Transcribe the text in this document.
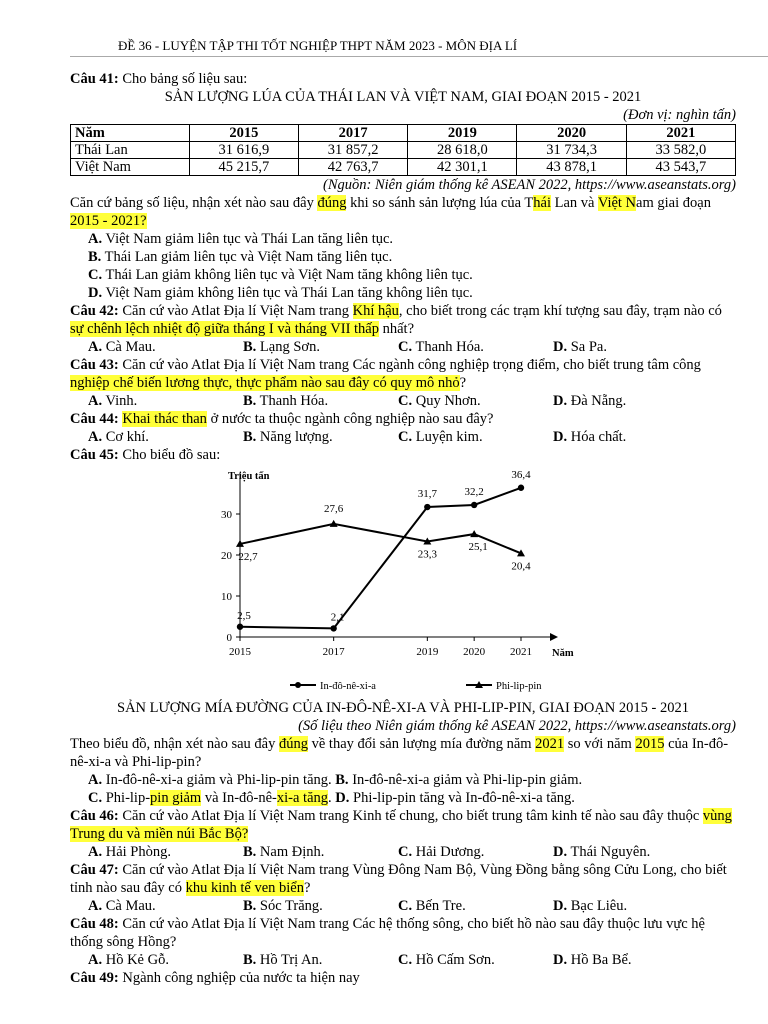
ĐỀ 36 - LUYỆN TẬP THI TỐT NGHIỆP THPT NĂM 2023 - MÔN ĐỊA LÍ
Câu 41: Cho bảng số liệu sau:
SẢN LƯỢNG LÚA CỦA THÁI LAN VÀ VIỆT NAM, GIAI ĐOẠN 2015 - 2021
(Đơn vị: nghìn tấn)
Năm	2015	2017	2019	2020	2021
Thái Lan	31 616,9	31 857,2	28 618,0	31 734,3	33 582,0
Việt Nam	45 215,7	42 763,7	42 301,1	43 878,1	43 543,7
(Nguồn: Niên giám thống kê ASEAN 2022, https://www.aseanstats.org)
Căn cứ bảng số liệu, nhận xét nào sau đây đúng khi so sánh sản lượng lúa của Thái Lan và Việt Nam giai đoạn 2015 - 2021?
A. Việt Nam giảm liên tục và Thái Lan tăng liên tục.
B. Thái Lan giảm liên tục và Việt Nam tăng liên tục.
C. Thái Lan giảm không liên tục và Việt Nam tăng không liên tục.
D. Việt Nam giảm không liên tục và Thái Lan tăng không liên tục.
Câu 42: Căn cứ vào Atlat Địa lí Việt Nam trang Khí hậu, cho biết trong các trạm khí tượng sau đây, trạm nào có sự chênh lệch nhiệt độ giữa tháng I và tháng VII thấp nhất?
A. Cà Mau.	B. Lạng Sơn.	C. Thanh Hóa.	D. Sa Pa.
Câu 43: Căn cứ vào Atlat Địa lí Việt Nam trang Các ngành công nghiệp trọng điểm, cho biết trung tâm công nghiệp chế biến lương thực, thực phẩm nào sau đây có quy mô nhỏ?
A. Vinh.	B. Thanh Hóa.	C. Quy Nhơn.	D. Đà Nẵng.
Câu 44: Khai thác than ở nước ta thuộc ngành công nghiệp nào sau đây?
A. Cơ khí.	B. Năng lượng.	C. Luyện kim.	D. Hóa chất.
Câu 45: Cho biểu đồ sau:
0
10
20
30
Triệu tấn
2015	2017	2019 2020 2021 Năm
2,5	2,1
31,7	32,2
36,4
22,7
27,6
23,3
25,1
20,4
In-đô-nê-xi-a	Phi-lip-pin
SẢN LƯỢNG MÍA ĐƯỜNG CỦA IN-ĐÔ-NÊ-XI-A VÀ PHI-LIP-PIN, GIAI ĐOẠN 2015 - 2021
(Số liệu theo Niên giám thống kê ASEAN 2022, https://www.aseanstats.org)
Theo biểu đồ, nhận xét nào sau đây đúng về thay đổi sản lượng mía đường năm 2021 so với năm 2015 của In-đô-nê-xi-a và Phi-lip-pin?
A. In-đô-nê-xi-a giảm và Phi-lip-pin tăng. B. In-đô-nê-xi-a giảm và Phi-lip-pin giảm.
C. Phi-lip-pin giảm và In-đô-nê-xi-a tăng. D. Phi-lip-pin tăng và In-đô-nê-xi-a tăng.
Câu 46: Căn cứ vào Atlat Địa lí Việt Nam trang Kinh tế chung, cho biết trung tâm kinh tế nào sau đây thuộc vùng Trung du và miền núi Bắc Bộ?
A. Hải Phòng.	B. Nam Định.	C. Hải Dương.	D. Thái Nguyên.
Câu 47: Căn cứ vào Atlat Địa lí Việt Nam trang Vùng Đông Nam Bộ, Vùng Đồng bằng sông Cửu Long, cho biết tỉnh nào sau đây có khu kinh tế ven biển?
A. Cà Mau.	B. Sóc Trăng.	C. Bến Tre.	D. Bạc Liêu.
Câu 48: Căn cứ vào Atlat Địa lí Việt Nam trang Các hệ thống sông, cho biết hồ nào sau đây thuộc lưu vực hệ thống sông Hồng?
A. Hồ Kẻ Gỗ.	B. Hồ Trị An.	C. Hồ Cấm Sơn.	D. Hồ Ba Bể.
Câu 49: Ngành công nghiệp của nước ta hiện nay
